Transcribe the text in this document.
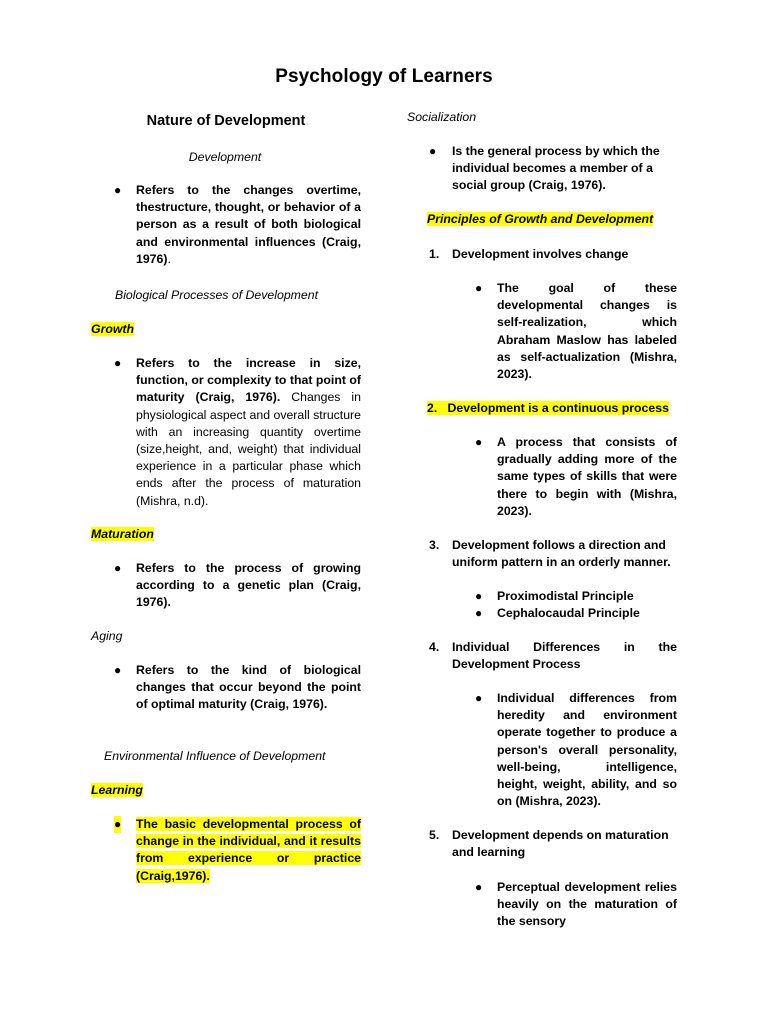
Psychology of Learners
Nature of Development
Development
● Refers to the changes overtime, thestructure, thought, or behavior of a person as a result of both biological and environmental influences (Craig, 1976).
Biological Processes of Development
Growth
● Refers to the increase in size, function, or complexity to that point of maturity (Craig, 1976). Changes in physiological aspect and overall structure with an increasing quantity overtime (size,height, and, weight) that individual experience in a particular phase which ends after the process of maturation (Mishra, n.d).
Maturation
● Refers to the process of growing according to a genetic plan (Craig, 1976).
Aging
● Refers to the kind of biological changes that occur beyond the point of optimal maturity (Craig, 1976).
Environmental Influence of Development
Learning
● The basic developmental process of change in the individual, and it results from experience or practice (Craig,1976).
Socialization
● Is the general process by which the individual becomes a member of a social group (Craig, 1976).
Principles of Growth and Development
1. Development involves change
● The goal of these developmental changes is self-realization, which Abraham Maslow has labeled as self-actualization (Mishra, 2023).
2. Development is a continuous process
● A process that consists of gradually adding more of the same types of skills that were there to begin with (Mishra, 2023).
3. Development follows a direction and uniform pattern in an orderly manner.
● Proximodistal Principle
● Cephalocaudal Principle
4. Individual Differences in the Development Process
● Individual differences from heredity and environment operate together to produce a person's overall personality, well-being, intelligence, height, weight, ability, and so on (Mishra, 2023).
5. Development depends on maturation and learning
● Perceptual development relies heavily on the maturation of the sensory
